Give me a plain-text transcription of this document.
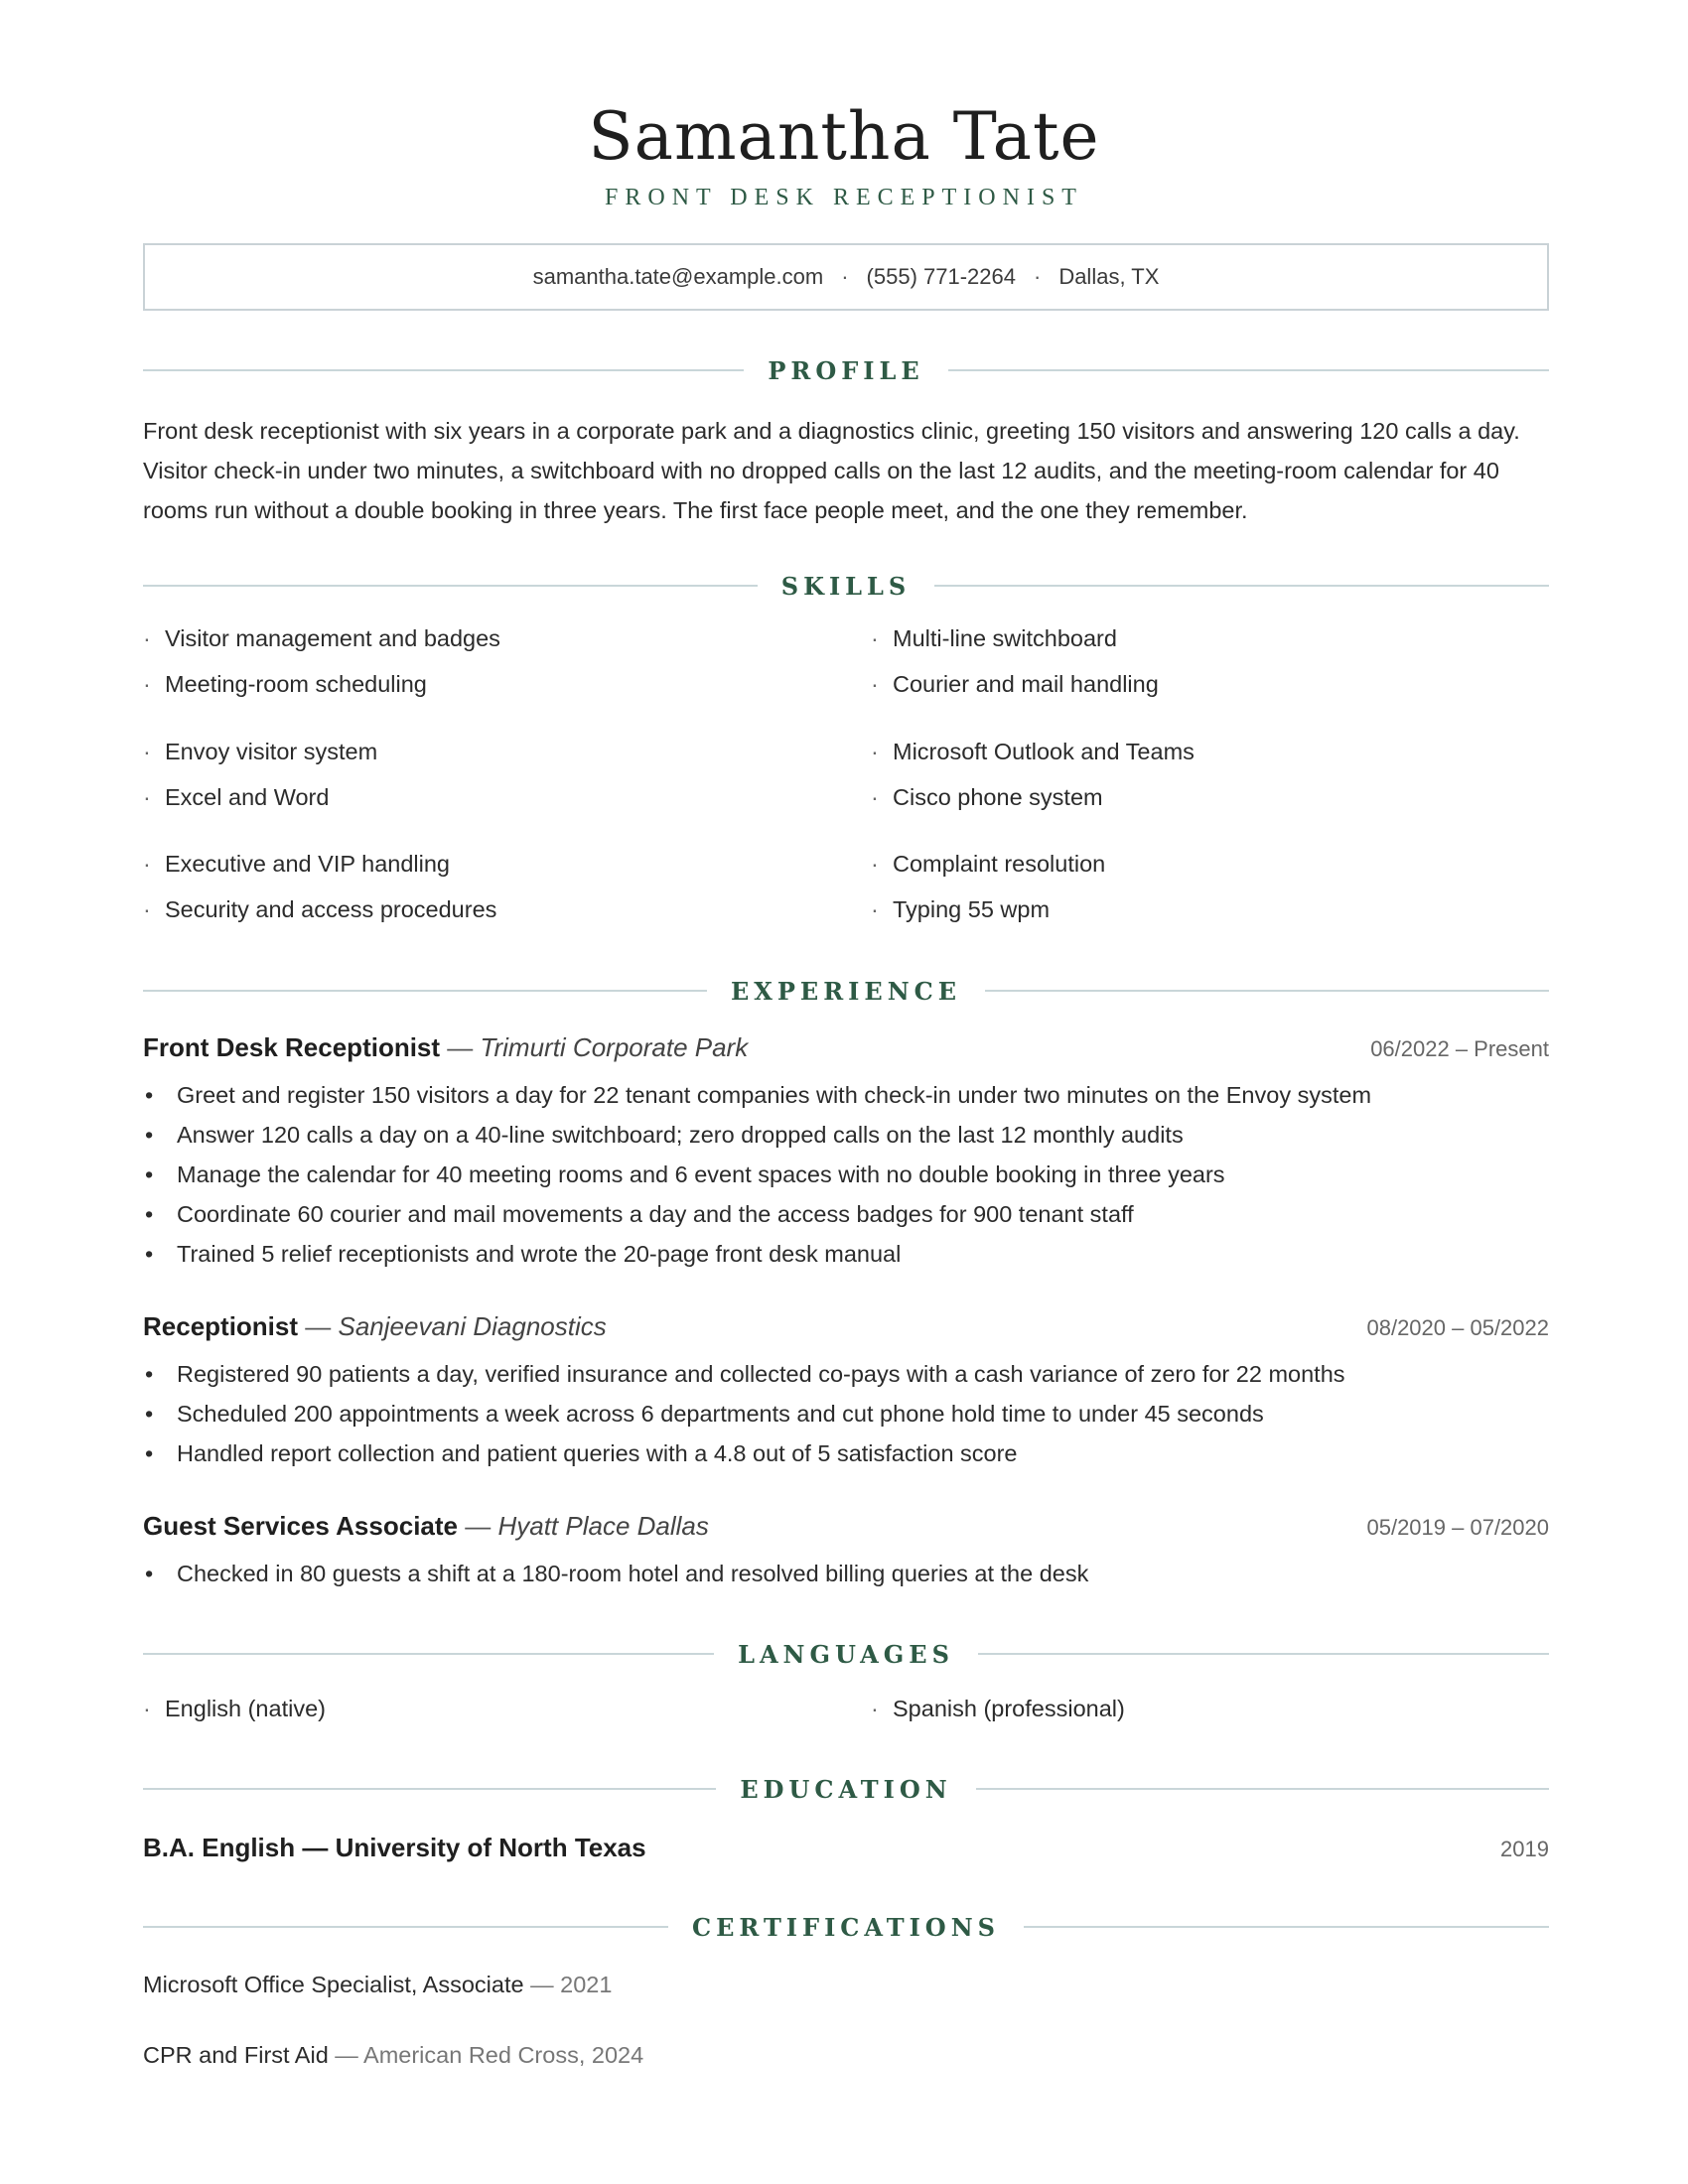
Samantha Tate
FRONT DESK RECEPTIONIST
samantha.tate@example.com · (555) 771-2264 · Dallas, TX
PROFILE
Front desk receptionist with six years in a corporate park and a diagnostics clinic, greeting 150 visitors and answering 120 calls a day. Visitor check-in under two minutes, a switchboard with no dropped calls on the last 12 audits, and the meeting-room calendar for 40 rooms run without a double booking in three years. The first face people meet, and the one they remember.
SKILLS
· Visitor management and badges	· Multi-line switchboard
· Meeting-room scheduling	· Courier and mail handling
· Envoy visitor system	· Microsoft Outlook and Teams
· Excel and Word	· Cisco phone system
· Executive and VIP handling	· Complaint resolution
· Security and access procedures	· Typing 55 wpm
EXPERIENCE
Front Desk Receptionist — Trimurti Corporate Park	06/2022 – Present
• Greet and register 150 visitors a day for 22 tenant companies with check-in under two minutes on the Envoy system
• Answer 120 calls a day on a 40-line switchboard; zero dropped calls on the last 12 monthly audits
• Manage the calendar for 40 meeting rooms and 6 event spaces with no double booking in three years
• Coordinate 60 courier and mail movements a day and the access badges for 900 tenant staff
• Trained 5 relief receptionists and wrote the 20-page front desk manual
Receptionist — Sanjeevani Diagnostics	08/2020 – 05/2022
• Registered 90 patients a day, verified insurance and collected co-pays with a cash variance of zero for 22 months
• Scheduled 200 appointments a week across 6 departments and cut phone hold time to under 45 seconds
• Handled report collection and patient queries with a 4.8 out of 5 satisfaction score
Guest Services Associate — Hyatt Place Dallas	05/2019 – 07/2020
• Checked in 80 guests a shift at a 180-room hotel and resolved billing queries at the desk
LANGUAGES
· English (native)	· Spanish (professional)
EDUCATION
B.A. English — University of North Texas	2019
CERTIFICATIONS
Microsoft Office Specialist, Associate — 2021
CPR and First Aid — American Red Cross, 2024
